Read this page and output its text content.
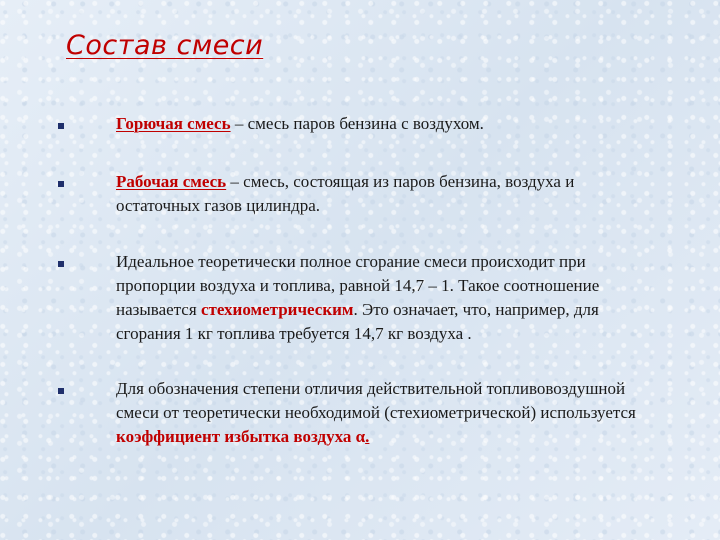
Состав смеси
Горючая смесь – смесь паров бензина с воздухом.
Рабочая смесь – смесь, состоящая из паров бензина, воздуха и остаточных газов цилиндра.
Идеальное теоретически полное сгорание смеси происходит при пропорции воздуха и топлива, равной 14,7 – 1. Такое соотношение называется стехиометрическим. Это означает, что, например, для сгорания 1 кг топлива требуется 14,7 кг воздуха .
Для обозначения степени отличия действительной топливовоздушной смеси от теоретически необходимой (стехиометрической) используется коэффициент избытка воздуха α.
